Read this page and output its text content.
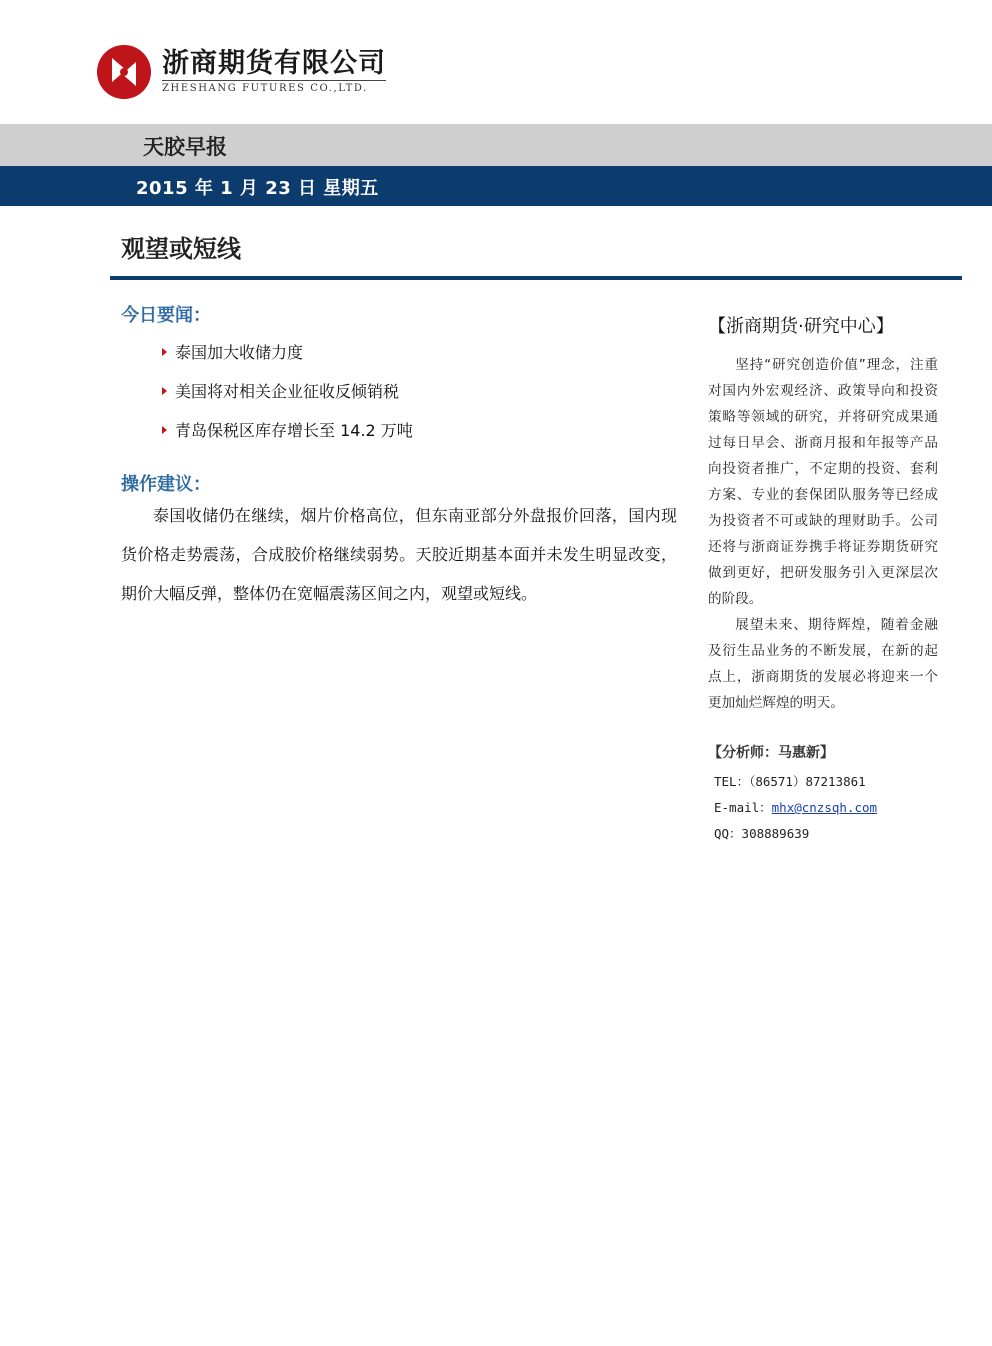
浙商期货有限公司
ZHESHANG FUTURES CO.,LTD.
天胶早报
2015 年 1 月 23 日 星期五
观望或短线
今日要闻：
泰国加大收储力度
美国将对相关企业征收反倾销税
青岛保税区库存增长至 14.2 万吨
操作建议：

泰国收储仍在继续，烟片价格高位，但东南亚部分外盘报价回落，国内现货价格走势震荡，合成胶价格继续弱势。天胶近期基本面并未发生明显改变，期价大幅反弹，整体仍在宽幅震荡区间之内，观望或短线。

【浙商期货·研究中心】

坚持“研究创造价值”理念，注重对国内外宏观经济、政策导向和投资策略等领域的研究，并将研究成果通过每日早会、浙商月报和年报等产品向投资者推广，不定期的投资、套利方案、专业的套保团队服务等已经成为投资者不可或缺的理财助手。公司还将与浙商证券携手将证券期货研究做到更好，把研发服务引入更深层次的阶段。

展望未来、期待辉煌，随着金融及衍生品业务的不断发展，在新的起点上，浙商期货的发展必将迎来一个更加灿烂辉煌的明天。

【分析师：马惠新】
TEL：（86571）87213861
E-mail：mhx@cnzsqh.com
QQ：308889639
